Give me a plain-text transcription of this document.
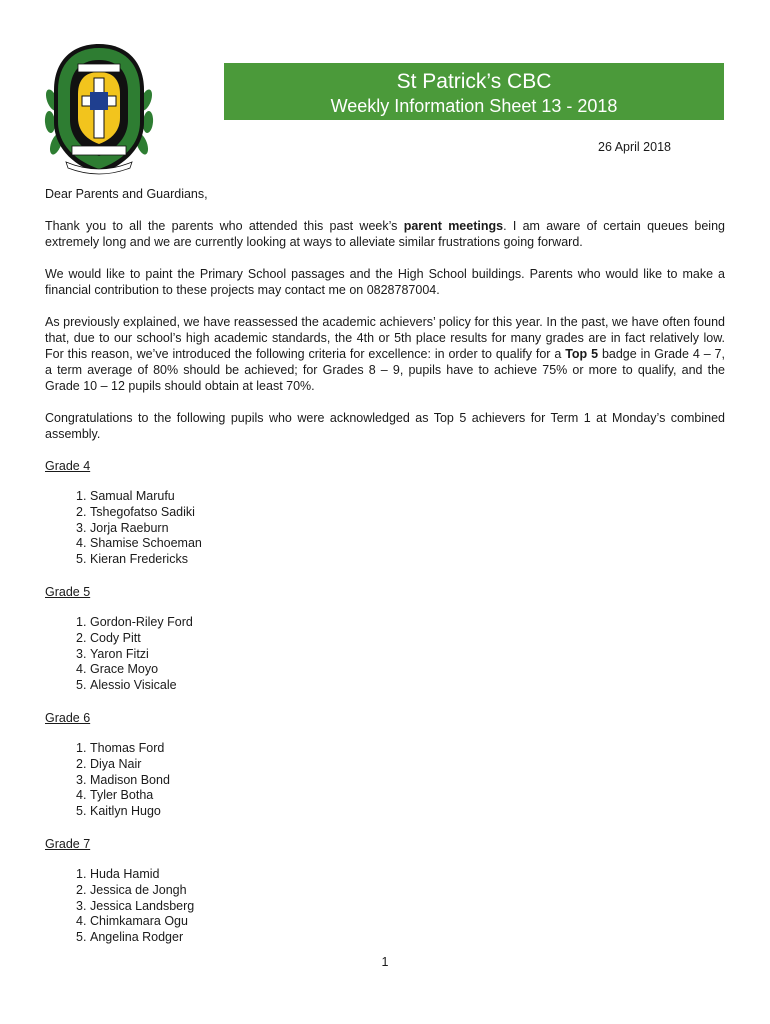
St Patrick’s CBC
Weekly Information Sheet 13 - 2018
26 April 2018

Dear Parents and Guardians,

Thank you to all the parents who attended this past week’s parent meetings. I am aware of certain queues being extremely long and we are currently looking at ways to alleviate similar frustrations going forward.

We would like to paint the Primary School passages and the High School buildings. Parents who would like to make a financial contribution to these projects may contact me on 0828787004.

As previously explained, we have reassessed the academic achievers’ policy for this year. In the past, we have often found that, due to our school’s high academic standards, the 4th or 5th place results for many grades are in fact relatively low. For this reason, we’ve introduced the following criteria for excellence: in order to qualify for a Top 5 badge in Grade 4 – 7, a term average of 80% should be achieved; for Grades 8 – 9, pupils have to achieve 75% or more to qualify, and the Grade 10 – 12 pupils should obtain at least 70%.

Congratulations to the following pupils who were acknowledged as Top 5 achievers for Term 1 at Monday’s combined assembly.

Grade 4
1. Samual Marufu
2. Tshegofatso Sadiki
3. Jorja Raeburn
4. Shamise Schoeman
5. Kieran Fredericks
Grade 5
1. Gordon-Riley Ford
2. Cody Pitt
3. Yaron Fitzi
4. Grace Moyo
5. Alessio Visicale
Grade 6
1. Thomas Ford
2. Diya Nair
3. Madison Bond
4. Tyler Botha
5. Kaitlyn Hugo
Grade 7
1. Huda Hamid
2. Jessica de Jongh
3. Jessica Landsberg
4. Chimkamara Ogu
5. Angelina Rodger
1
